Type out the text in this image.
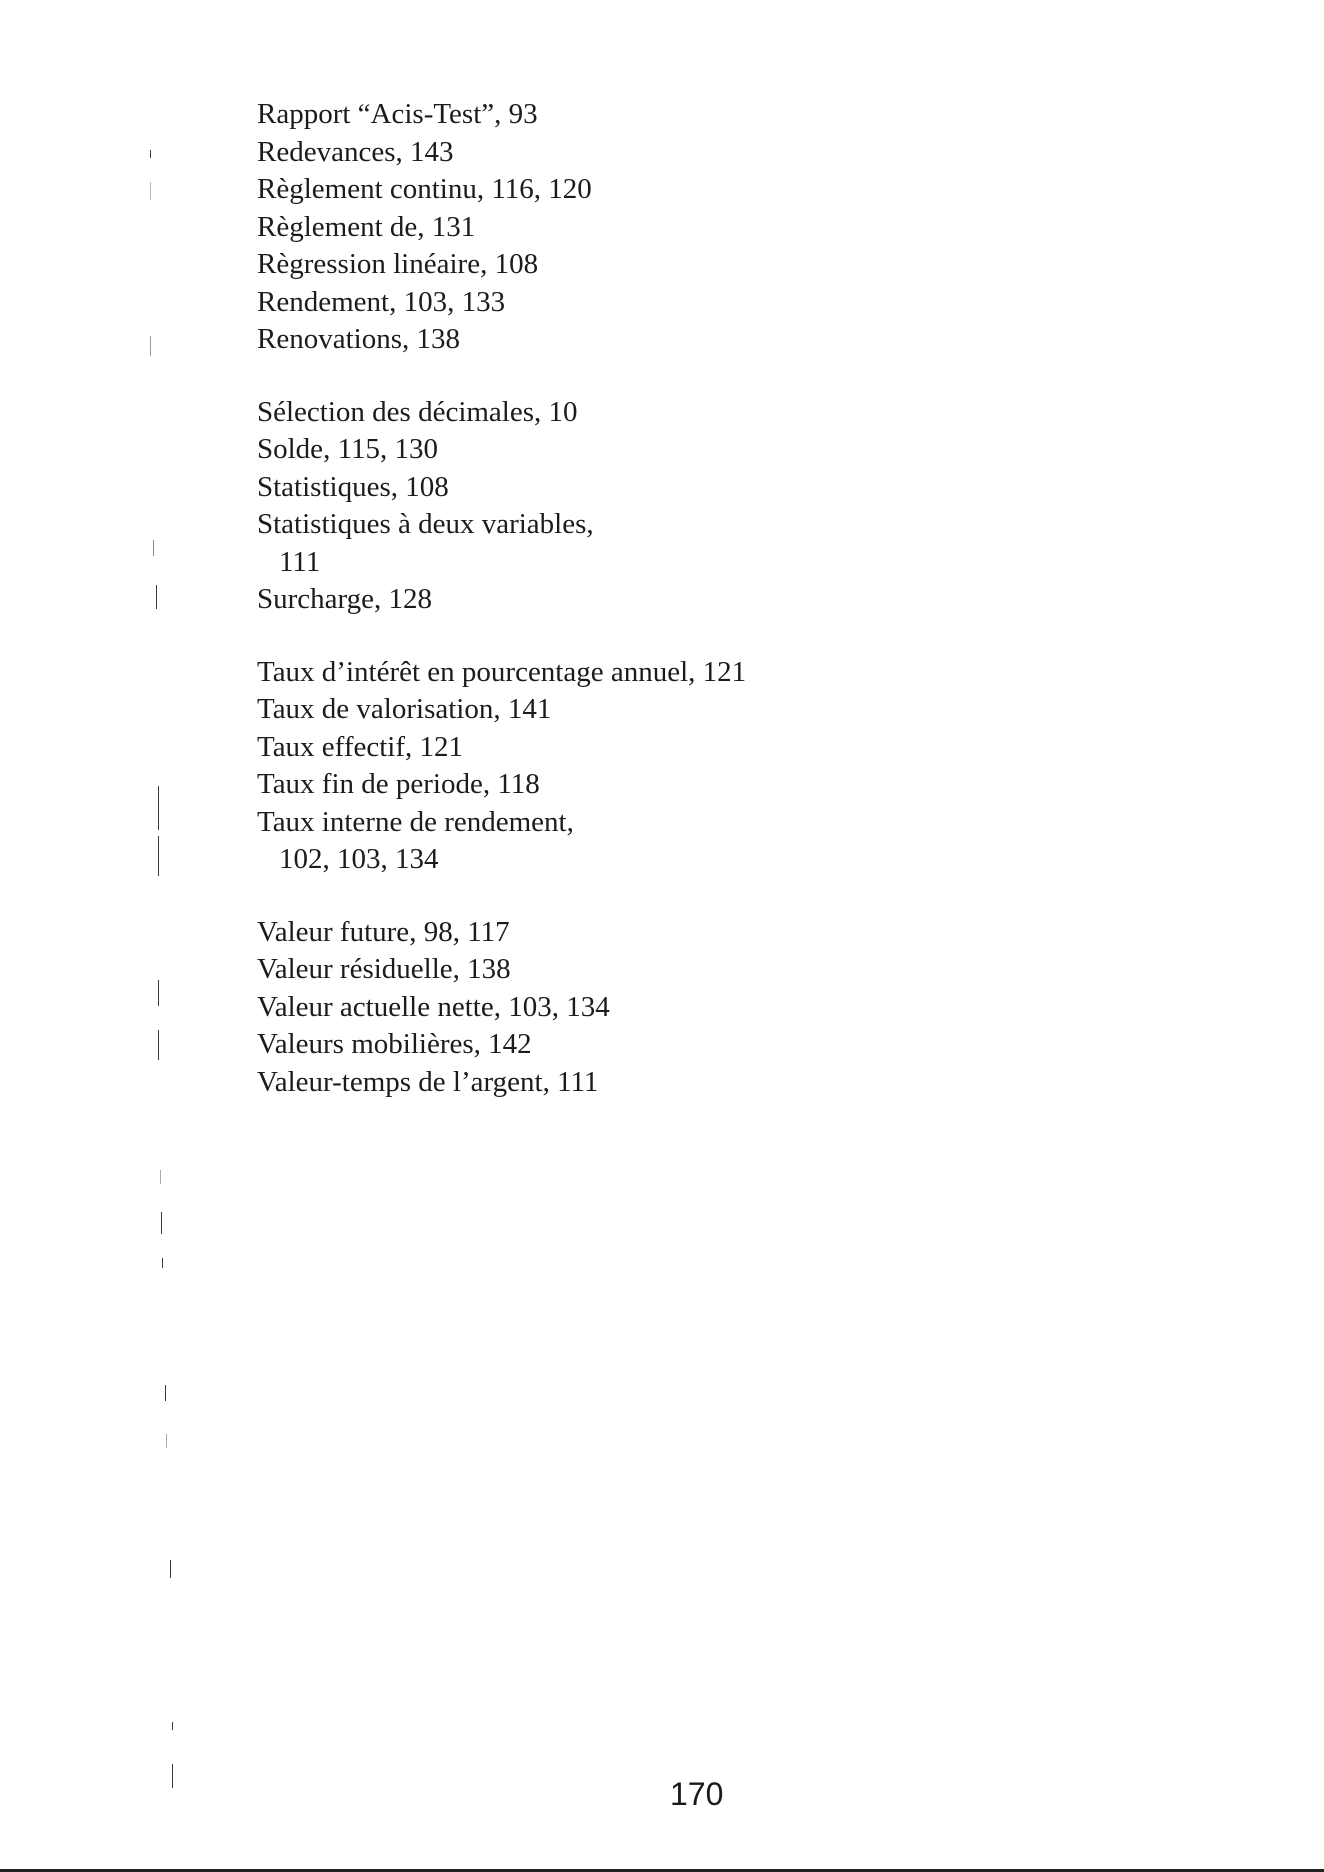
Rapport “Acis-Test” , 93
Redevances , 143
Règlement continu , 116, 120
Règlement de , 131
Règression linéaire , 108
Rendement , 103, 133
Renovations , 138
Sélection des décimales , 10
Solde , 115, 130
Statistiques , 108
Statistiques à deux variables ,
111
Surcharge , 128
Taux d’intérêt en pourcentage annuel , 121
Taux de valorisation , 141
Taux effectif , 121
Taux fin de periode , 118
Taux interne de rendement ,
102, 103, 134
Valeur future , 98, 117
Valeur résiduelle , 138
Valeur actuelle nette , 103, 134
Valeurs mobilières , 142
Valeur-temps de l’argent , 111
170
